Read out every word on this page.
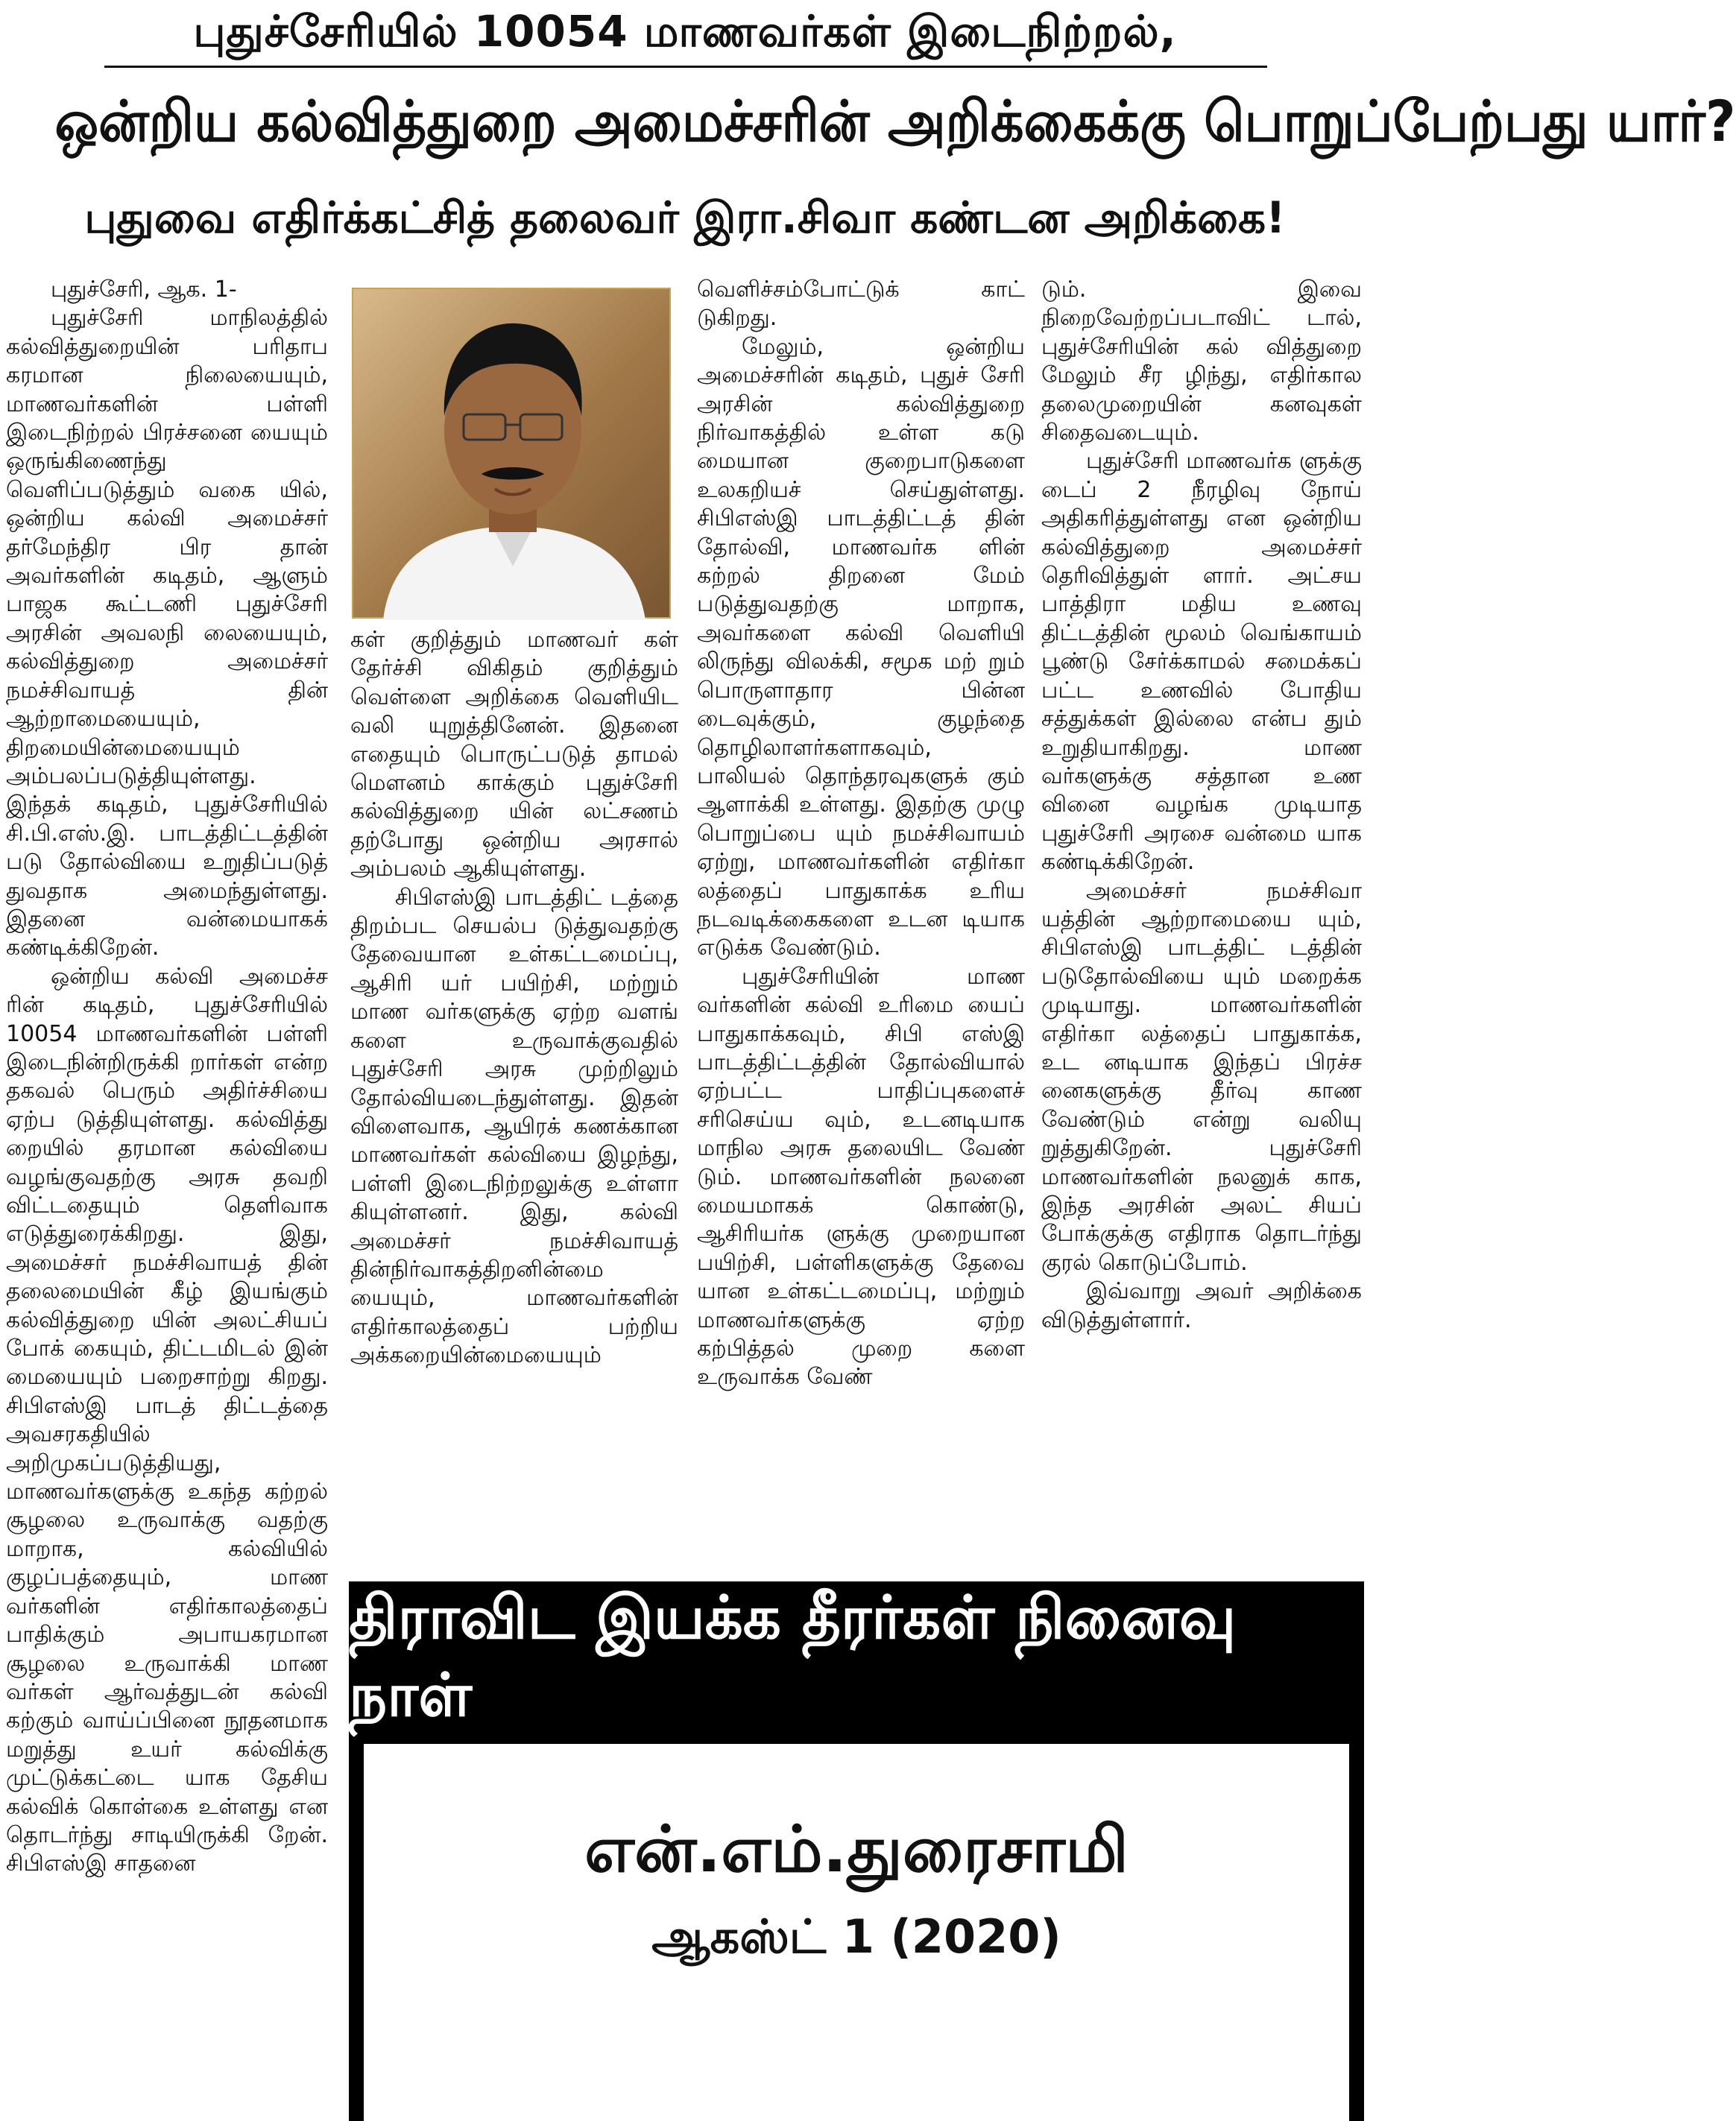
புதுச்சேரியில் 10054 மாணவர்கள் இடைநிற்றல்,
ஒன்றிய கல்வித்துறை அமைச்சரின் அறிக்கைக்கு பொறுப்பேற்பது யார்?
புதுவை எதிர்க்கட்சித் தலைவர் இரா.சிவா கண்டன அறிக்கை!

புதுச்சேரி, ஆக. 1-

புதுச்சேரி மாநிலத்தில் கல்வித்துறையின் பரிதாப கரமான நிலையையும், மாணவர்களின் பள்ளி இடைநிற்றல் பிரச்சனை யையும் ஒருங்கிணைந்து வெளிப்படுத்தும் வகை யில், ஒன்றிய கல்வி அமைச்சர் தர்மேந்திர பிர தான் அவர்களின் கடிதம், ஆளும் பாஜக கூட்டணி புதுச்சேரி அரசின் அவலநி லையையும், கல்வித்துறை அமைச்சர் நமச்சிவாயத் தின் ஆற்றாமையையும், திறமையின்மையையும் அம்பலப்படுத்தியுள்ளது. இந்தக் கடிதம், புதுச்சேரியில் சி.பி.எஸ்.இ. பாடத்திட்டத்தின் படு தோல்வியை உறுதிப்படுத் துவதாக அமைந்துள்ளது. இதனை வன்மையாகக் கண்டிக்கிறேன்.

ஒன்றிய கல்வி அமைச்ச ரின் கடிதம், புதுச்சேரியில் 10054 மாணவர்களின் பள்ளி இடைநின்றிருக்கி றார்கள் என்ற தகவல் பெரும் அதிர்ச்சியை ஏற்ப டுத்தியுள்ளது. கல்வித்து றையில் தரமான கல்வியை வழங்குவதற்கு அரசு தவறி விட்டதையும் தெளிவாக எடுத்துரைக்கிறது. இது, அமைச்சர் நமச்சிவாயத் தின் தலைமையின் கீழ் இயங்கும் கல்வித்துறை யின் அலட்சியப் போக் கையும், திட்டமிடல் இன் மையையும் பறைசாற்று கிறது. சிபிஎஸ்இ பாடத் திட்டத்தை அவசரகதியில் அறிமுகப்படுத்தியது, மாணவர்களுக்கு உகந்த கற்றல் சூழலை உருவாக்கு வதற்கு மாறாக, கல்வியில் குழப்பத்தையும், மாண வர்களின் எதிர்காலத்தைப் பாதிக்கும் அபாயகரமான சூழலை உருவாக்கி மாண வர்கள் ஆர்வத்துடன் கல்வி கற்கும் வாய்ப்பினை நூதனமாக மறுத்து உயர் கல்விக்கு முட்டுக்கட்டை யாக தேசிய கல்விக் கொள்கை உள்ளது என தொடர்ந்து சாடியிருக்கி றேன். சிபிஎஸ்இ சாதனை

கள் குறித்தும் மாணவர் கள் தேர்ச்சி விகிதம் குறித்தும் வெள்ளை அறிக்கை வெளியிட வலி யுறுத்தினேன். இதனை எதையும் பொருட்படுத் தாமல் மௌனம் காக்கும் புதுச்சேரி கல்வித்துறை யின் லட்சணம் தற்போது ஒன்றிய அரசால் அம்பலம் ஆகியுள்ளது.

சிபிஎஸ்இ பாடத்திட் டத்தை திறம்பட செயல்ப டுத்துவதற்கு தேவையான உள்கட்டமைப்பு, ஆசிரி யர் பயிற்சி, மற்றும் மாண வர்களுக்கு ஏற்ற வளங் களை உருவாக்குவதில் புதுச்சேரி அரசு முற்றிலும் தோல்வியடைந்துள்ளது. இதன் விளைவாக, ஆயிரக் கணக்கான மாணவர்கள் கல்வியை இழந்து, பள்ளி இடைநிற்றலுக்கு உள்ளா கியுள்ளனர். இது, கல்வி அமைச்சர் நமச்சிவாயத் தின்நிர்வாகத்திறனின்மை யையும், மாணவர்களின் எதிர்காலத்தைப் பற்றிய அக்கறையின்மையையும்

வெளிச்சம்போட்டுக் காட் டுகிறது.

மேலும், ஒன்றிய அமைச்சரின் கடிதம், புதுச் சேரி அரசின் கல்வித்துறை நிர்வாகத்தில் உள்ள கடு மையான குறைபாடுகளை உலகறியச் செய்துள்ளது. சிபிஎஸ்இ பாடத்திட்டத் தின் தோல்வி, மாணவர்க ளின் கற்றல் திறனை மேம் படுத்துவதற்கு மாறாக, அவர்களை கல்வி வெளியி லிருந்து விலக்கி, சமூக மற் றும் பொருளாதார பின்ன டைவுக்கும், குழந்தை தொழிலாளர்களாகவும், பாலியல் தொந்தரவுகளுக் கும் ஆளாக்கி உள்ளது. இதற்கு முழு பொறுப்பை யும் நமச்சிவாயம் ஏற்று, மாணவர்களின் எதிர்கா லத்தைப் பாதுகாக்க உரிய நடவடிக்கைகளை உடன டியாக எடுக்க வேண்டும்.

புதுச்சேரியின் மாண வர்களின் கல்வி உரிமை யைப் பாதுகாக்கவும், சிபி எஸ்இ பாடத்திட்டத்தின் தோல்வியால் ஏற்பட்ட பாதிப்புகளைச் சரிசெய்ய வும், உடனடியாக மாநில அரசு தலையிட வேண் டும். மாணவர்களின் நலனை மையமாகக் கொண்டு, ஆசிரியர்க ளுக்கு முறையான பயிற்சி, பள்ளிகளுக்கு தேவை யான உள்கட்டமைப்பு, மற்றும் மாணவர்களுக்கு ஏற்ற கற்பித்தல் முறை களை உருவாக்க வேண்

டும். இவை நிறைவேற்றப்படாவிட் டால், புதுச்சேரியின் கல் வித்துறை மேலும் சீர ழிந்து, எதிர்கால தலைமுறையின் கனவுகள் சிதைவடையும்.

புதுச்சேரி மாணவர்க ளுக்கு டைப் 2 நீரழிவு நோய் அதிகரித்துள்ளது என ஒன்றிய கல்வித்துறை அமைச்சர் தெரிவித்துள் ளார். அட்சய பாத்திரா மதிய உணவு திட்டத்தின் மூலம் வெங்காயம் பூண்டு சேர்க்காமல் சமைக்கப் பட்ட உணவில் போதிய சத்துக்கள் இல்லை என்ப தும் உறுதியாகிறது. மாண வர்களுக்கு சத்தான உண வினை வழங்க முடியாத புதுச்சேரி அரசை வன்மை யாக கண்டிக்கிறேன்.

அமைச்சர் நமச்சிவா யத்தின் ஆற்றாமையை யும், சிபிஎஸ்இ பாடத்திட் டத்தின் படுதோல்வியை யும் மறைக்க முடியாது. மாணவர்களின் எதிர்கா லத்தைப் பாதுகாக்க, உட னடியாக இந்தப் பிரச்ச னைகளுக்கு தீர்வு காண வேண்டும் என்று வலியு றுத்துகிறேன். புதுச்சேரி மாணவர்களின் நலனுக் காக, இந்த அரசின் அலட் சியப் போக்குக்கு எதிராக தொடர்ந்து குரல் கொடுப்போம்.

இவ்வாறு அவர் அறிக்கை விடுத்துள்ளார்.

திராவிட இயக்க தீரர்கள் நினைவு நாள்
என்.எம்.துரைசாமி
ஆகஸ்ட் 1 (2020)
